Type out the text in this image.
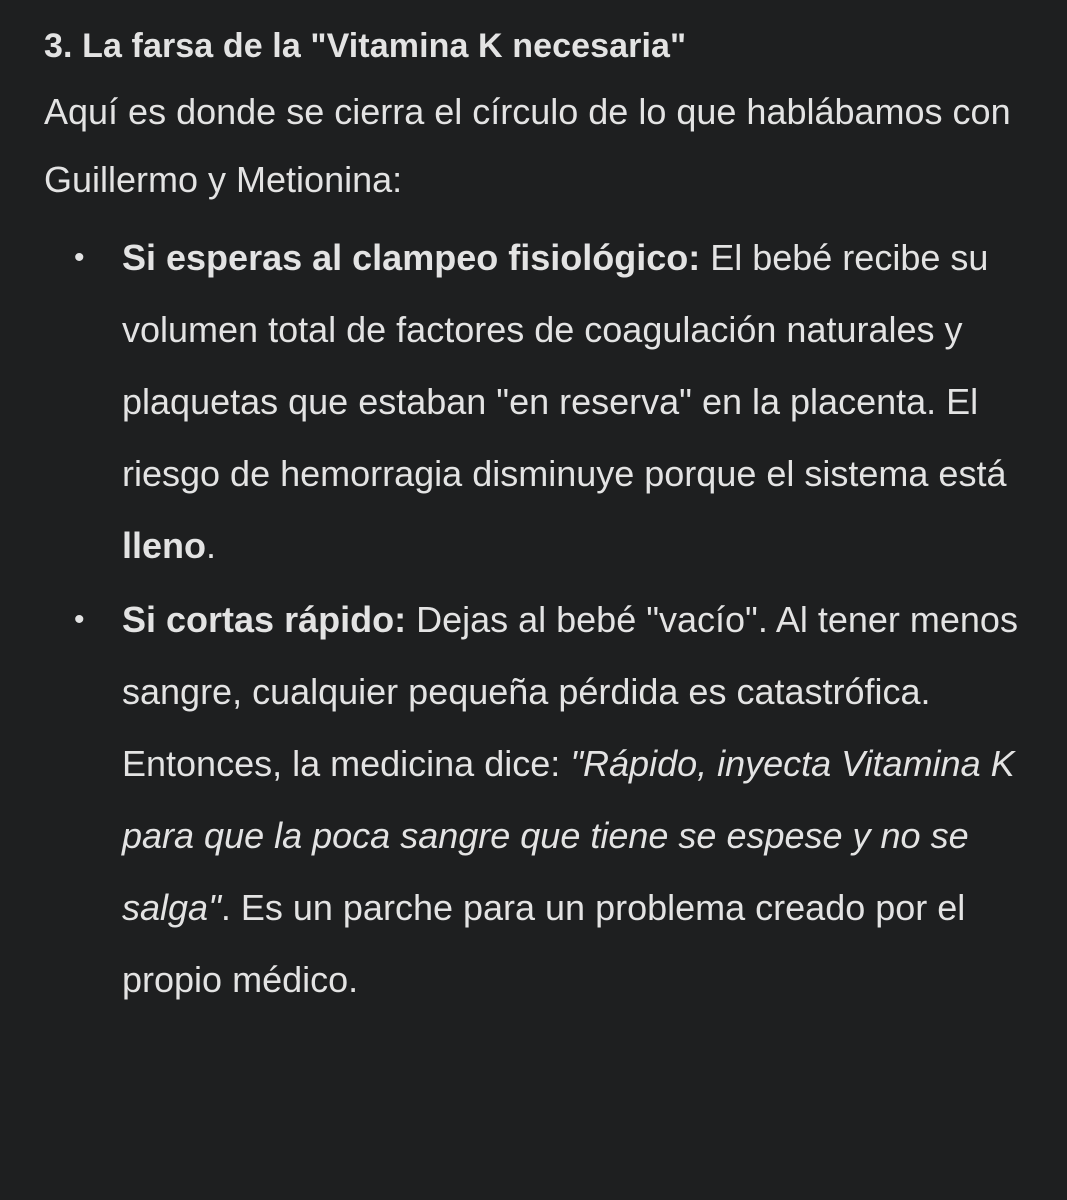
3. La farsa de la "Vitamina K necesaria"
Aquí es donde se cierra el círculo de lo que hablábamos con Guillermo y Metionina:
• Si esperas al clampeo fisiológico: El bebé recibe su volumen total de factores de coagulación naturales y plaquetas que estaban "en reserva" en la placenta. El riesgo de hemorragia disminuye porque el sistema está lleno.
• Si cortas rápido: Dejas al bebé "vacío". Al tener menos sangre, cualquier pequeña pérdida es catastrófica. Entonces, la medicina dice: "Rápido, inyecta Vitamina K para que la poca sangre que tiene se espese y no se salga". Es un parche para un problema creado por el propio médico.
